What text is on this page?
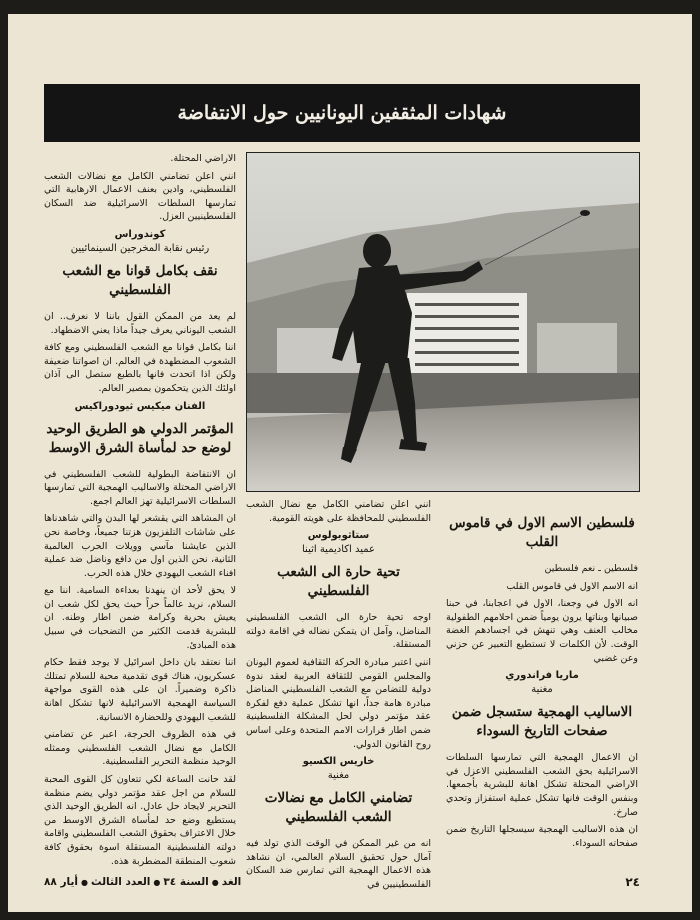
شهادات المثقفين اليونانيين حول الانتفاضة

الاراضي المحتلة.

انني اعلن تضامني الكامل مع نضالات الشعب الفلسطيني، وادين بعنف الاعمال الارهابية التي تمارسها السلطات الاسرائيلية ضد السكان الفلسطينيين العزل.

كوندوراس
رئيس نقابة المخرجين السينمائيين
نقف بكامل قوانا مع الشعب الفلسطيني

لم يعد من الممكن القول باننا لا نعرف.. ان الشعب اليوناني يعرف جيداً ماذا يعني الاضطهاد.

اننا بكامل قوانا مع الشعب الفلسطيني ومع كافة الشعوب المضطهدة في العالم. ان اصواتنا ضعيفة ولكن اذا اتحدت فانها بالطبع ستصل الى آذان اولئك الذين يتحكمون بمصير العالم.

الفنان ميكيس ثيودوراكيس
المؤتمر الدولي هو الطريق الوحيد لوضع حد لمأساة الشرق الاوسط

ان الانتفاضة البطولية للشعب الفلسطيني في الاراضي المحتلة والاساليب الهمجية التي تمارسها السلطات الاسرائيلية تهز العالم اجمع.

ان المشاهد التي يقشعر لها البدن والتي شاهدناها على شاشات التلفزيون هزتنا جميعاً، وخاصة نحن الذين عايشنا مآسي وويلات الحرب العالمية الثانية، نحن الذين اول من دافع وناضل ضد عملية افناء الشعب اليهودي خلال هذه الحرب.

لا يحق لأحد ان ينهدنا بعداءة السامية. اننا مع السلام، نريد عالماً حراً حيث يحق لكل شعب ان يعيش بحرية وكرامة ضمن اطار وطنه. ان للبشرية قدمت الكثير من التضحيات في سبيل هذه المبادئ.

اننا نعتقد بان داخل اسرائيل لا يوجد فقط حكام عسكريون، هناك قوى تقدمية محبة للسلام تمتلك ذاكرة وضميراً. ان على هذه القوى مواجهة السياسة الهمجية الاسرائيلية لانها تشكل اهانة للشعب اليهودي وللحضارة الانسانية.

في هذه الظروف الحرجة، اعبر عن تضامني الكامل مع نضال الشعب الفلسطيني وممثله الوحيد منظمة التحرير الفلسطينية.

لقد حانت الساعة لكي تتعاون كل القوى المحبة للسلام من اجل عقد مؤتمر دولي يضم منظمة التحرير لايجاد حل عادل. انه الطريق الوحيد الذي يستطيع وضع حد لمأساة الشرق الاوسط من خلال الاعتراف بحقوق الشعب الفلسطيني واقامة دولته الفلسطينية المستقلة اسوة بحقوق كافة شعوب المنطقة المضطربة هذه.

انني اعلن تضامني الكامل مع نضال الشعب الفلسطيني للمحافظة على هويته القومية.

ستاثوبولوس
عميد اكاديمية اثينا
تحية حارة الى الشعب الفلسطيني

اوجه تحية حارة الى الشعب الفلسطيني المناضل، وآمل ان يتمكن نضاله في اقامة دولته المستقلة.

انني اعتبر مبادرة الحركة الثقافية لعموم اليونان والمجلس القومي للثقافة العربية لعقد ندوة دولية للتضامن مع الشعب الفلسطيني المناضل مبادرة هامة جداً، انها تشكل عملية دفع لفكرة عقد مؤتمر دولي لحل المشكلة الفلسطينية ضمن اطار قرارات الامم المتحدة وعلى اساس روح القانون الدولي.

خاريس الكسيو
مغنية
تضامني الكامل مع نضالات الشعب الفلسطيني

انه من غير الممكن في الوقت الذي تولد فيه آمال حول تحقيق السلام العالمي، ان نشاهد هذه الاعمال الهمجية التي تمارس ضد السكان الفلسطينيين في

فلسطين الاسم الاول في قاموس القلب

فلسطين ـ نعم فلسطين

انه الاسم الاول في قاموس القلب

انه الاول في وجعنا، الاول في اعجابنا، في حبنا صبيانها وبناتها يرون يومياً ضمن احلامهم الطفولية مخالب العنف وهي تنهش في اجسادهم الغضة الوقت. لأن الكلمات لا تستطيع التعبير عن حزني وعن غضبي

ماريا فراندوري
مغنية
الاساليب الهمجية ستسجل ضمن صفحات التاريخ السوداء

ان الاعمال الهمجية التي تمارسها السلطات الاسرائيلية بحق الشعب الفلسطيني الاعزل في الاراضي المحتلة تشكل اهانة للبشرية بأجمعها. وبنفس الوقت فانها تشكل عملية استفزاز وتحدي صارخ.

ان هذه الاساليب الهمجية سيسجلها التاريخ ضمن صفحاته السوداء.

٢٤
الغد●السنة ٣٤●العدد الثالث●أيار ٨٨
